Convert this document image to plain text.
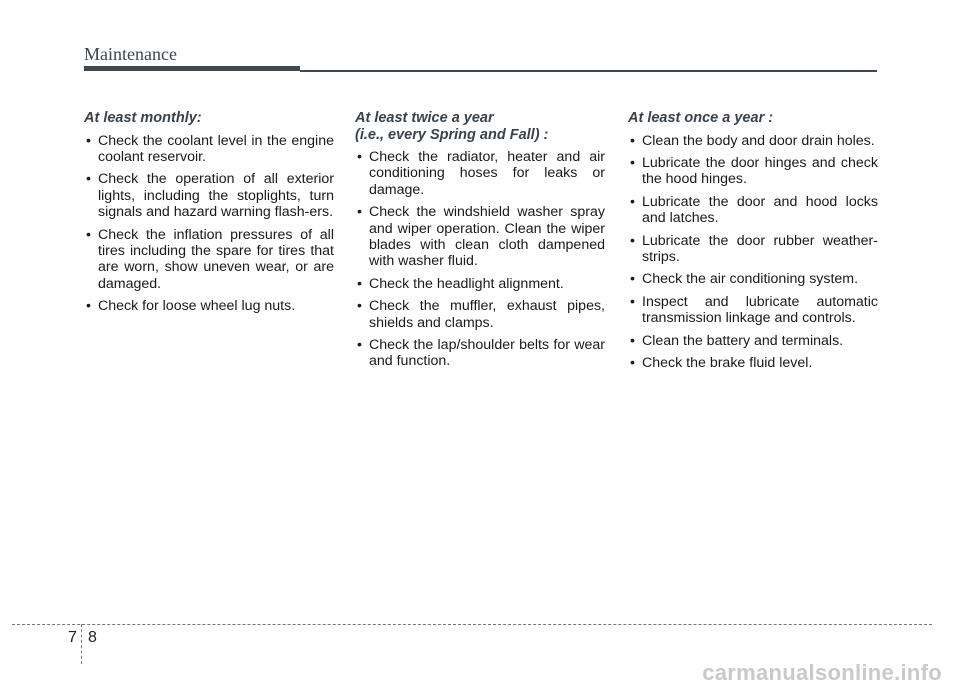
Maintenance
At least monthly:
• Check the coolant level in the engine coolant reservoir.
• Check the operation of all exterior lights, including the stoplights, turn signals and hazard warning flash-ers.
• Check the inflation pressures of all tires including the spare for tires that are worn, show uneven wear, or are damaged.
• Check for loose wheel lug nuts.
At least twice a year
(i.e., every Spring and Fall) :
• Check the radiator, heater and air conditioning hoses for leaks or damage.
• Check the windshield washer spray and wiper operation. Clean the wiper blades with clean cloth dampened with washer fluid.
• Check the headlight alignment.
• Check the muffler, exhaust pipes, shields and clamps.
• Check the lap/shoulder belts for wear and function.
At least once a year :
• Clean the body and door drain holes.
• Lubricate the door hinges and check the hood hinges.
• Lubricate the door and hood locks and latches.
• Lubricate the door rubber weather-strips.
• Check the air conditioning system.
• Inspect and lubricate automatic transmission linkage and controls.
• Clean the battery and terminals.
• Check the brake fluid level.
7 8
carmanualsonline.info
